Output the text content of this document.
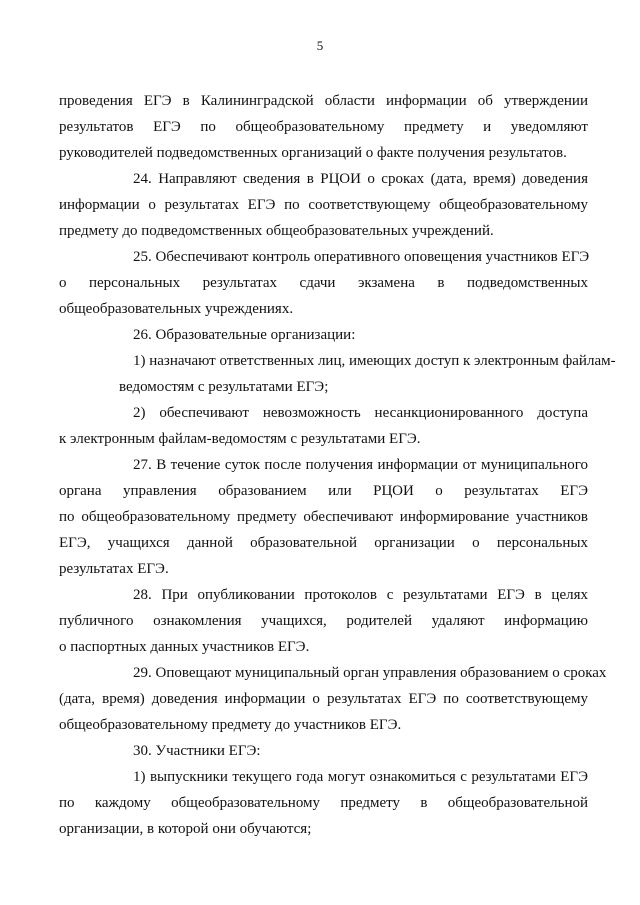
5
проведения ЕГЭ в Калининградской области информации об утверждении
результатов ЕГЭ по общеобразовательному предмету и уведомляют
руководителей подведомственных организаций о факте получения результатов.
24. Направляют сведения в РЦОИ о сроках (дата, время) доведения
информации о результатах ЕГЭ по соответствующему общеобразовательному
предмету до подведомственных общеобразовательных учреждений.
25. Обеспечивают контроль оперативного оповещения участников ЕГЭ
о персональных результатах сдачи экзамена в подведомственных
общеобразовательных учреждениях.
26. Образовательные организации:
1) назначают ответственных лиц, имеющих доступ к электронным файлам-
ведомостям с результатами ЕГЭ;
2) обеспечивают невозможность несанкционированного доступа
к электронным файлам-ведомостям с результатами ЕГЭ.
27. В течение суток после получения информации от муниципального
органа управления образованием или РЦОИ о результатах ЕГЭ
по общеобразовательному предмету обеспечивают информирование участников
ЕГЭ, учащихся данной образовательной организации о персональных
результатах ЕГЭ.
28. При опубликовании протоколов с результатами ЕГЭ в целях
публичного ознакомления учащихся, родителей удаляют информацию
о паспортных данных участников ЕГЭ.
29. Оповещают муниципальный орган управления образованием о сроках
(дата, время) доведения информации о результатах ЕГЭ по соответствующему
общеобразовательному предмету до участников ЕГЭ.
30. Участники ЕГЭ:
1) выпускники текущего года могут ознакомиться с результатами ЕГЭ
по каждому общеобразовательному предмету в общеобразовательной
организации, в которой они обучаются;
